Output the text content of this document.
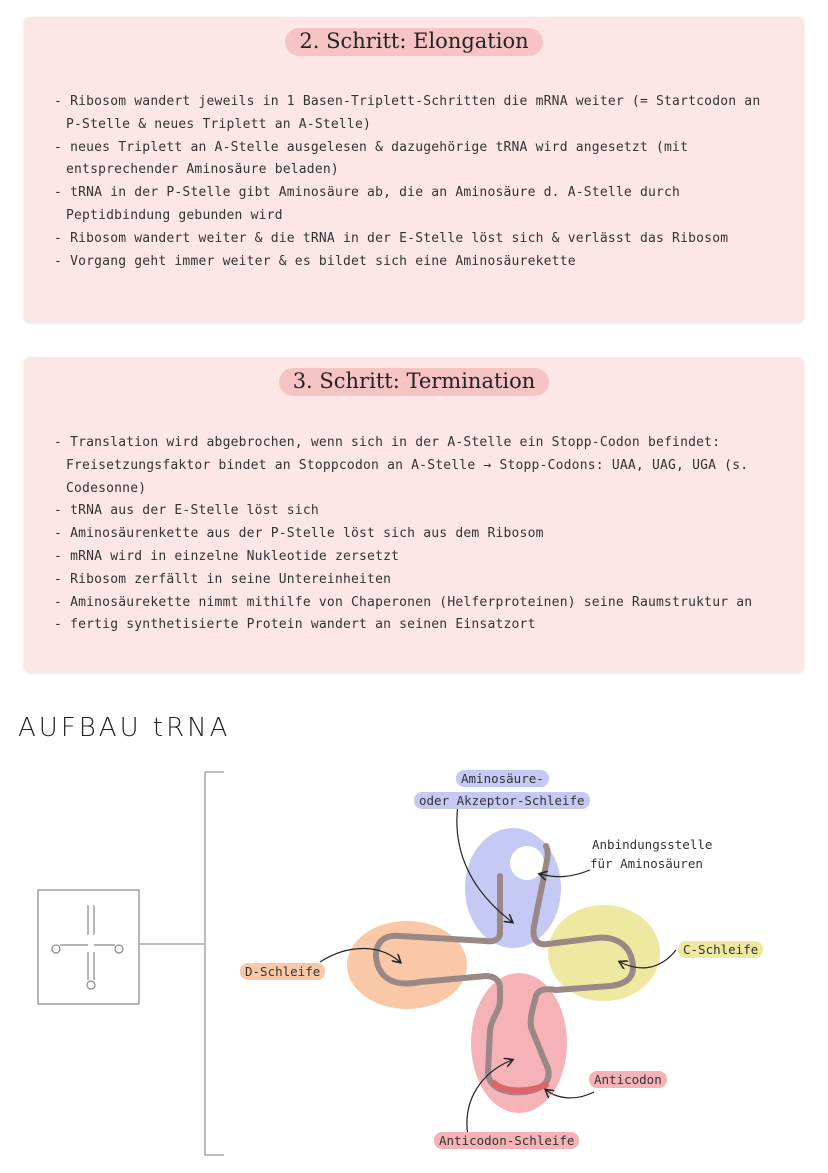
2. Schritt: Elongation
- Ribosom wandert jeweils in 1 Basen-Triplett-Schritten die mRNA weiter (= Startcodon an P-Stelle & neues Triplett an A-Stelle)
- neues Triplett an A-Stelle ausgelesen & dazugehörige tRNA wird angesetzt (mit entsprechender Aminosäure beladen)
- tRNA in der P-Stelle gibt Aminosäure ab, die an Aminosäure d. A-Stelle durch Peptidbindung gebunden wird
- Ribosom wandert weiter & die tRNA in der E-Stelle löst sich & verlässt das Ribosom
- Vorgang geht immer weiter & es bildet sich eine Aminosäurekette
3. Schritt: Termination
- Translation wird abgebrochen, wenn sich in der A-Stelle ein Stopp-Codon befindet: Freisetzungsfaktor bindet an Stoppcodon an A-Stelle → Stopp-Codons: UAA, UAG, UGA (s. Codesonne)
- tRNA aus der E-Stelle löst sich
- Aminosäurenkette aus der P-Stelle löst sich aus dem Ribosom
- mRNA wird in einzelne Nukleotide zersetzt
- Ribosom zerfällt in seine Untereinheiten
- Aminosäurekette nimmt mithilfe von Chaperonen (Helferproteinen) seine Raumstruktur an
- fertig synthetisierte Protein wandert an seinen Einsatzort
AUFBAU tRNA
Aminosäure-
oder Akzeptor-Schleife
Anbindungsstelle
für Aminosäuren
C-Schleife
D-Schleife
Anticodon
Anticodon-Schleife
